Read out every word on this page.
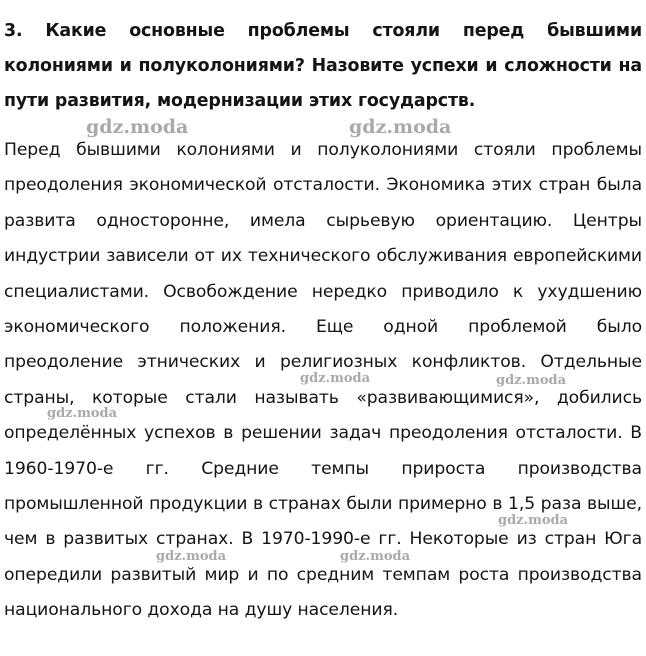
3. Какие основные проблемы стояли перед бывшими колониями и полуколониями? Назовите успехи и сложности на пути развития, модернизации этих государств.
Перед бывшими колониями и полуколониями стояли проблемы преодоления экономической отсталости. Экономика этих стран была развита односторонне, имела сырьевую ориентацию. Центры индустрии зависели от их технического обслуживания европейскими специалистами. Освобождение нередко приводило к ухудшению экономического положения. Еще одной проблемой было преодоление этнических и религиозных конфликтов. Отдельные страны, которые стали называть «развивающимися», добились определённых успехов в решении задач преодоления отсталости. В 1960-1970-е гг. Средние темпы прироста производства промышленной продукции в странах были примерно в 1,5 раза выше, чем в развитых странах. В 1970-1990-е гг. Некоторые из стран Юга опередили развитый мир и по средним темпам роста производства национального дохода на душу населения.
gdz.moda	gdz.moda
gdz.moda	gdz.moda
gdz.moda
gdz.moda
gdz.moda	gdz.moda
